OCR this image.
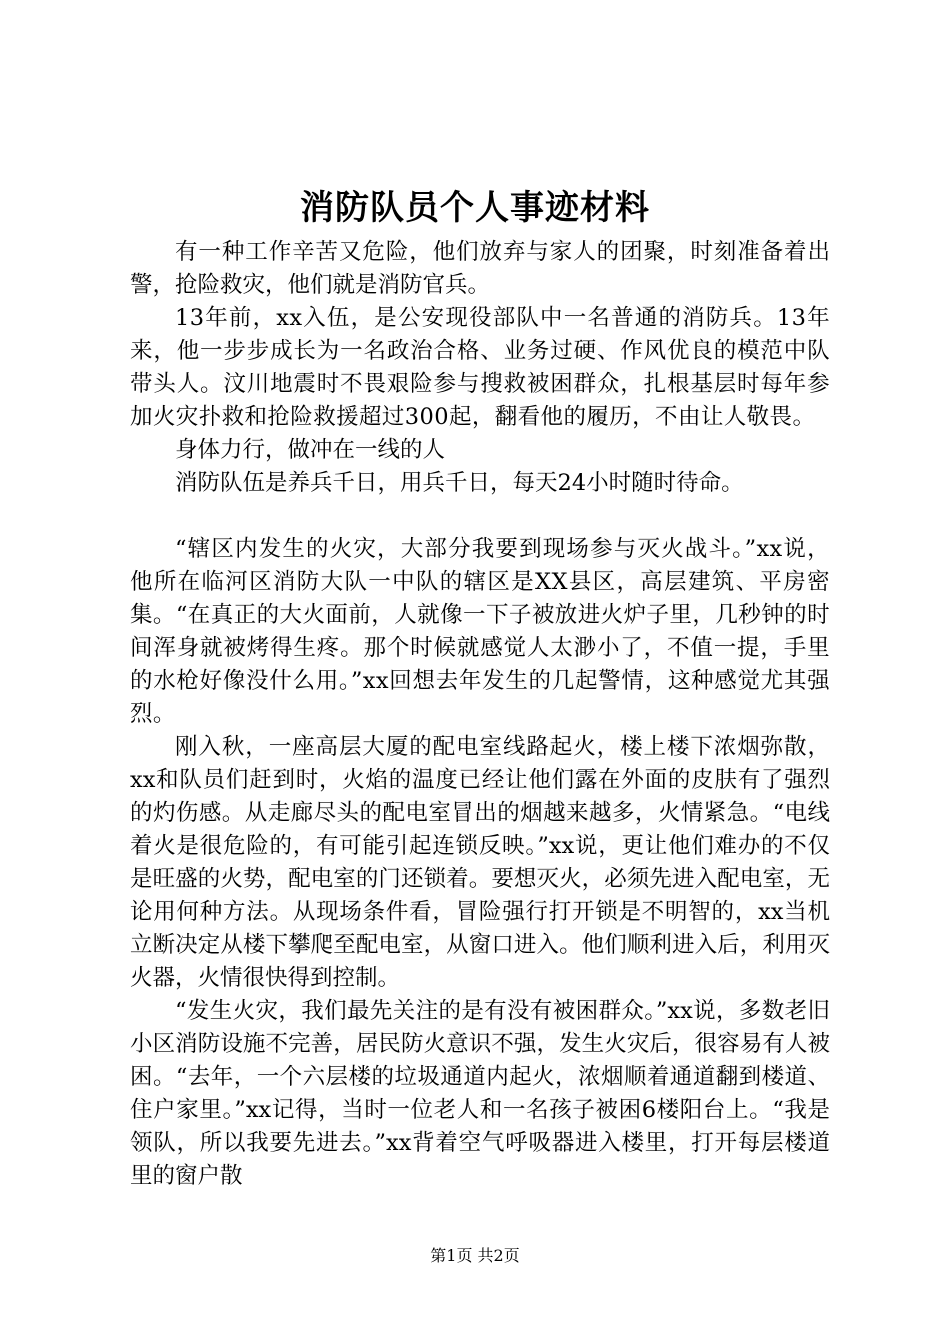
消防队员个人事迹材料

有一种工作辛苦又危险，他们放弃与家人的团聚，时刻准备着出警，抢险救灾，他们就是消防官兵。

13年前，xx入伍，是公安现役部队中一名普通的消防兵。13年来，他一步步成长为一名政治合格、业务过硬、作风优良的模范中队带头人。汶川地震时不畏艰险参与搜救被困群众，扎根基层时每年参加火灾扑救和抢险救援超过300起，翻看他的履历，不由让人敬畏。

身体力行，做冲在一线的人

消防队伍是养兵千日，用兵千日，每天24小时随时待命。

“辖区内发生的火灾，大部分我要到现场参与灭火战斗。”xx说，他所在临河区消防大队一中队的辖区是XX县区，高层建筑、平房密集。“在真正的大火面前，人就像一下子被放进火炉子里，几秒钟的时间浑身就被烤得生疼。那个时候就感觉人太渺小了，不值一提，手里的水枪好像没什么用。”xx回想去年发生的几起警情，这种感觉尤其强烈。

刚入秋，一座高层大厦的配电室线路起火，楼上楼下浓烟弥散，xx和队员们赶到时，火焰的温度已经让他们露在外面的皮肤有了强烈的灼伤感。从走廊尽头的配电室冒出的烟越来越多，火情紧急。“电线着火是很危险的，有可能引起连锁反映。”xx说，更让他们难办的不仅是旺盛的火势，配电室的门还锁着。要想灭火，必须先进入配电室，无论用何种方法。从现场条件看，冒险强行打开锁是不明智的，xx当机立断决定从楼下攀爬至配电室，从窗口进入。他们顺利进入后，利用灭火器，火情很快得到控制。

“发生火灾，我们最先关注的是有没有被困群众。”xx说，多数老旧小区消防设施不完善，居民防火意识不强，发生火灾后，很容易有人被困。“去年，一个六层楼的垃圾通道内起火，浓烟顺着通道翻到楼道、住户家里。”xx记得，当时一位老人和一名孩子被困6楼阳台上。“我是领队，所以我要先进去。”xx背着空气呼吸器进入楼里，打开每层楼道里的窗户散

第1页 共2页
